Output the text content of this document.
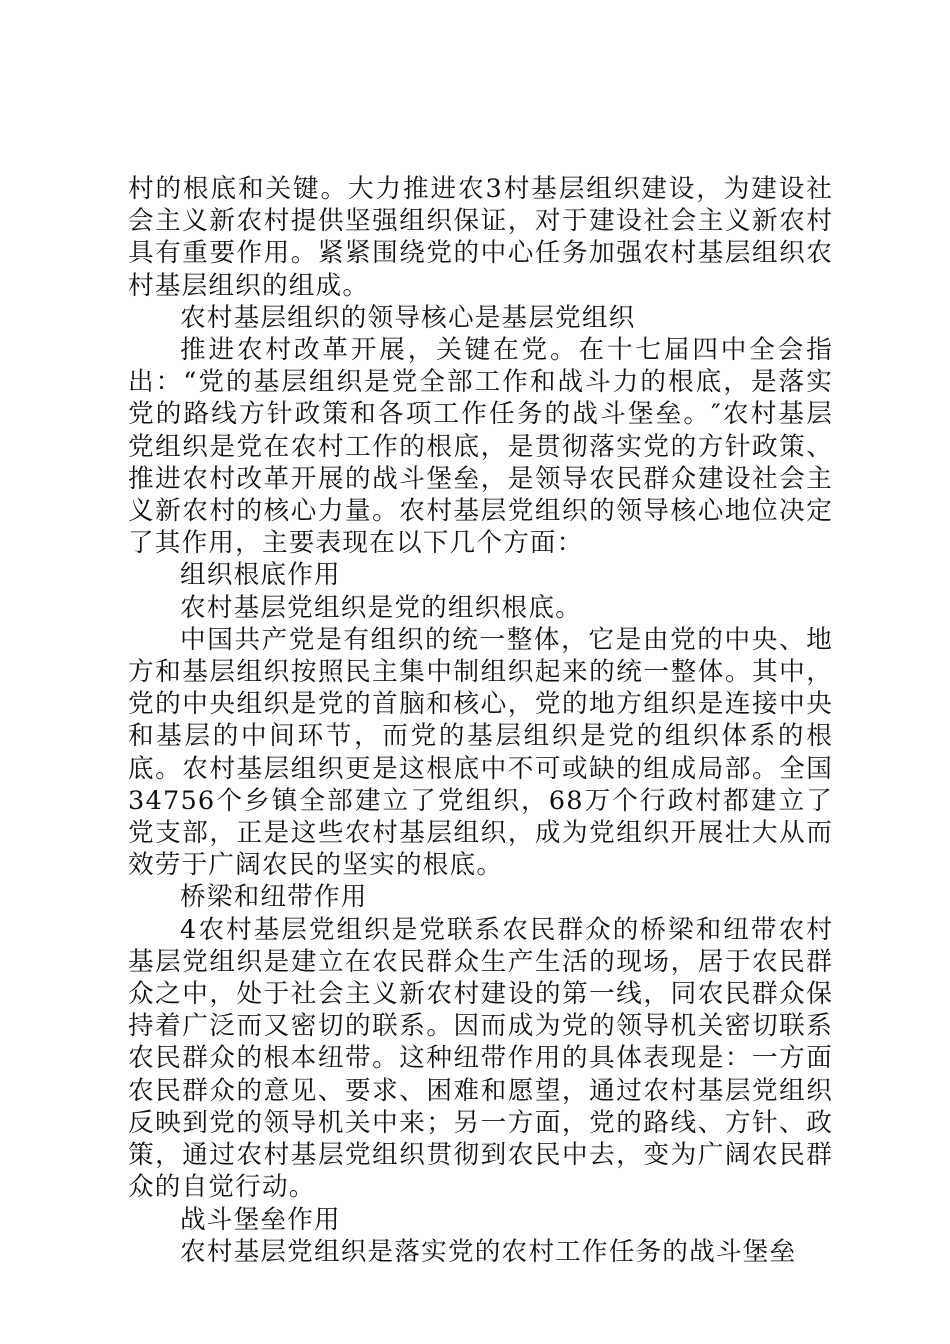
村的根底和关键。大力推进农3村基层组织建设，为建设社会主义新农村提供坚强组织保证，对于建设社会主义新农村具有重要作用。紧紧围绕党的中心任务加强农村基层组织农村基层组织的组成。

农村基层组织的领导核心是基层党组织

推进农村改革开展，关键在党。在十七届四中全会指出：“党的基层组织是党全部工作和战斗力的根底，是落实党的路线方针政策和各项工作任务的战斗堡垒。″农村基层党组织是党在农村工作的根底，是贯彻落实党的方针政策、推进农村改革开展的战斗堡垒，是领导农民群众建设社会主义新农村的核心力量。农村基层党组织的领导核心地位决定了其作用，主要表现在以下几个方面：

组织根底作用

农村基层党组织是党的组织根底。

中国共产党是有组织的统一整体，它是由党的中央、地方和基层组织按照民主集中制组织起来的统一整体。其中，党的中央组织是党的首脑和核心，党的地方组织是连接中央和基层的中间环节，而党的基层组织是党的组织体系的根底。农村基层组织更是这根底中不可或缺的组成局部。全国34756个乡镇全部建立了党组织，68万个行政村都建立了党支部，正是这些农村基层组织，成为党组织开展壮大从而效劳于广阔农民的坚实的根底。

桥梁和纽带作用

4农村基层党组织是党联系农民群众的桥梁和纽带农村基层党组织是建立在农民群众生产生活的现场，居于农民群众之中，处于社会主义新农村建设的第一线，同农民群众保持着广泛而又密切的联系。因而成为党的领导机关密切联系农民群众的根本纽带。这种纽带作用的具体表现是：一方面农民群众的意见、要求、困难和愿望，通过农村基层党组织反映到党的领导机关中来；另一方面，党的路线、方针、政策，通过农村基层党组织贯彻到农民中去，变为广阔农民群众的自觉行动。

战斗堡垒作用

农村基层党组织是落实党的农村工作任务的战斗堡垒
